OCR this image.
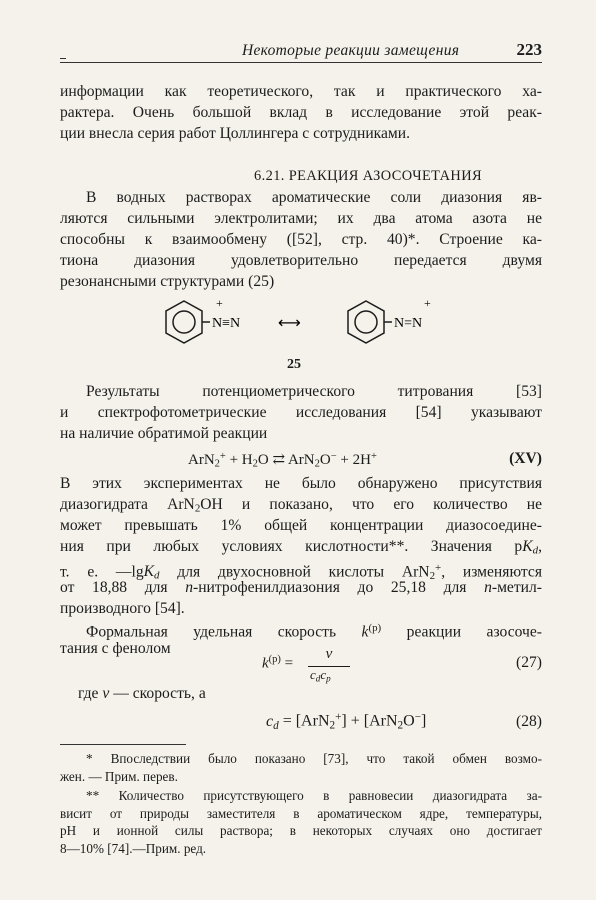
Некоторые реакции замещения	223
информации как теоретического, так и практического ха-
рактера. Очень большой вклад в исследование этой реак-
ции внесла серия работ Цоллингера с сотрудниками.
6.21. РЕАКЦИЯ АЗОСОЧЕТАНИЯ
В водных растворах ароматические соли диазония яв-
ляются сильными электролитами; их два атома азота не
способны к взаимообмену ([52], стр. 40)*. Строение ка-
тиона диазония удовлетворительно передается двумя
резонансными структурами (25)
+
N≡N ⟷
+
N=N
25
Результаты потенциометрического титрования [53]
и спектрофотометрические исследования [54] указывают
на наличие обратимой реакции
$ArN_2^+ + H_2O$ ⇄ ArN$_2$O− + 2H+	(XV)
В этих экспериментах не было обнаружено присутствия
диазогидрата ArN$_2$OH и показано, что его количество не
может превышать 1% общей концентрации диазосоедине-
ния при любых условиях кислотности**. Значения $pK_d$,
т. е. —lgK$_d$ для двухосновной кислоты ArN$_2$+, изменяются
от 18,88 для n-нитрофенилдиазония до 25,18 для n-метил-
производного [54].
Формальная удельная скорость $k^{(p)}$ реакции азосоче-
тания с фенолом
$k^{(p)}$ =
v
$c_dc_p$
(27)
где v — скорость, а
$c_d = [ArN_2^+] + [ArN_2O^-]$	(28)
* Впоследствии было показано [73], что такой обмен возмо-
жен. — Прим. перев.
** Количество присутствующего в равновесии диазогидрата за-
висит от природы заместителя в ароматическом ядре, температуры,
pH и ионной силы раствора; в некоторых случаях оно достигает
8—10% [74].—Прим. ред.
